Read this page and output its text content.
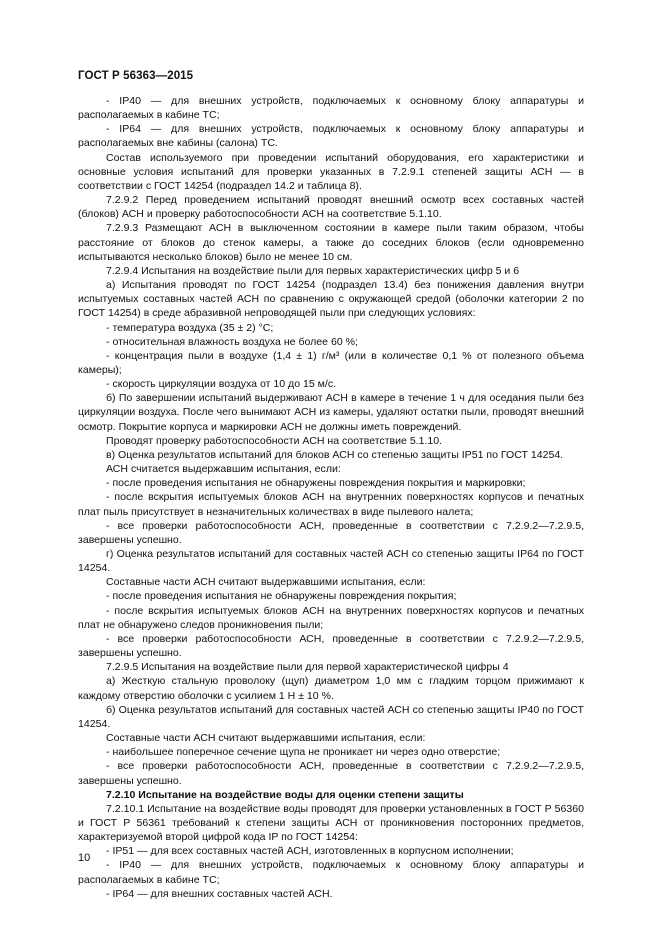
ГОСТ Р 56363—2015

- IP40 — для внешних устройств, подключаемых к основному блоку аппаратуры и располагаемых в кабине ТС;

- IP64 — для внешних устройств, подключаемых к основному блоку аппаратуры и располагаемых вне кабины (салона) ТС.

Состав используемого при проведении испытаний оборудования, его характеристики и основные условия испытаний для проверки указанных в 7.2.9.1 степеней защиты АСН — в соответствии с ГОСТ 14254 (подраздел 14.2 и таблица 8).

7.2.9.2 Перед проведением испытаний проводят внешний осмотр всех составных частей (блоков) АСН и проверку работоспособности АСН на соответствие 5.1.10.

7.2.9.3 Размещают АСН в выключенном состоянии в камере пыли таким образом, чтобы расстояние от блоков до стенок камеры, а также до соседних блоков (если одновременно испытываются несколько блоков) было не менее 10 см.

7.2.9.4 Испытания на воздействие пыли для первых характеристических цифр 5 и 6

а) Испытания проводят по ГОСТ 14254 (подраздел 13.4) без понижения давления внутри испытуемых составных частей АСН по сравнению с окружающей средой (оболочки категории 2 по ГОСТ 14254) в среде абразивной непроводящей пыли при следующих условиях:

- температура воздуха (35 ± 2) °C;

- относительная влажность воздуха не более 60 %;

- концентрация пыли в воздухе (1,4 ± 1) г/м³ (или в количестве 0,1 % от полезного объема камеры);

- скорость циркуляции воздуха от 10 до 15 м/с.

б) По завершении испытаний выдерживают АСН в камере в течение 1 ч для оседания пыли без циркуляции воздуха. После чего вынимают АСН из камеры, удаляют остатки пыли, проводят внешний осмотр. Покрытие корпуса и маркировки АСН не должны иметь повреждений.

Проводят проверку работоспособности АСН на соответствие 5.1.10.

в) Оценка результатов испытаний для блоков АСН со степенью защиты IP51 по ГОСТ 14254.

АСН считается выдержавшим испытания, если:

- после проведения испытания не обнаружены повреждения покрытия и маркировки;

- после вскрытия испытуемых блоков АСН на внутренних поверхностях корпусов и печатных плат пыль присутствует в незначительных количествах в виде пылевого налета;

- все проверки работоспособности АСН, проведенные в соответствии с 7.2.9.2—7.2.9.5, завершены успешно.

г) Оценка результатов испытаний для составных частей АСН со степенью защиты IP64 по ГОСТ 14254.

Составные части АСН считают выдержавшими испытания, если:

- после проведения испытания не обнаружены повреждения покрытия;

- после вскрытия испытуемых блоков АСН на внутренних поверхностях корпусов и печатных плат не обнаружено следов проникновения пыли;

- все проверки работоспособности АСН, проведенные в соответствии с 7.2.9.2—7.2.9.5, завершены успешно.

7.2.9.5 Испытания на воздействие пыли для первой характеристической цифры 4

а) Жесткую стальную проволоку (щуп) диаметром 1,0 мм с гладким торцом прижимают к каждому отверстию оболочки с усилием 1 Н ± 10 %.

б) Оценка результатов испытаний для составных частей АСН со степенью защиты IP40 по ГОСТ 14254.

Составные части АСН считают выдержавшими испытания, если:

- наибольшее поперечное сечение щупа не проникает ни через одно отверстие;

- все проверки работоспособности АСН, проведенные в соответствии с 7.2.9.2—7.2.9.5, завершены успешно.

7.2.10 Испытание на воздействие воды для оценки степени защиты

7.2.10.1 Испытание на воздействие воды проводят для проверки установленных в ГОСТ Р 56360 и ГОСТ Р 56361 требований к степени защиты АСН от проникновения посторонних предметов, характеризуемой второй цифрой кода IP по ГОСТ 14254:

- IP51 — для всех составных частей АСН, изготовленных в корпусном исполнении;

- IP40 — для внешних устройств, подключаемых к основному блоку аппаратуры и располагаемых в кабине ТС;

- IP64 — для внешних составных частей АСН.

10
